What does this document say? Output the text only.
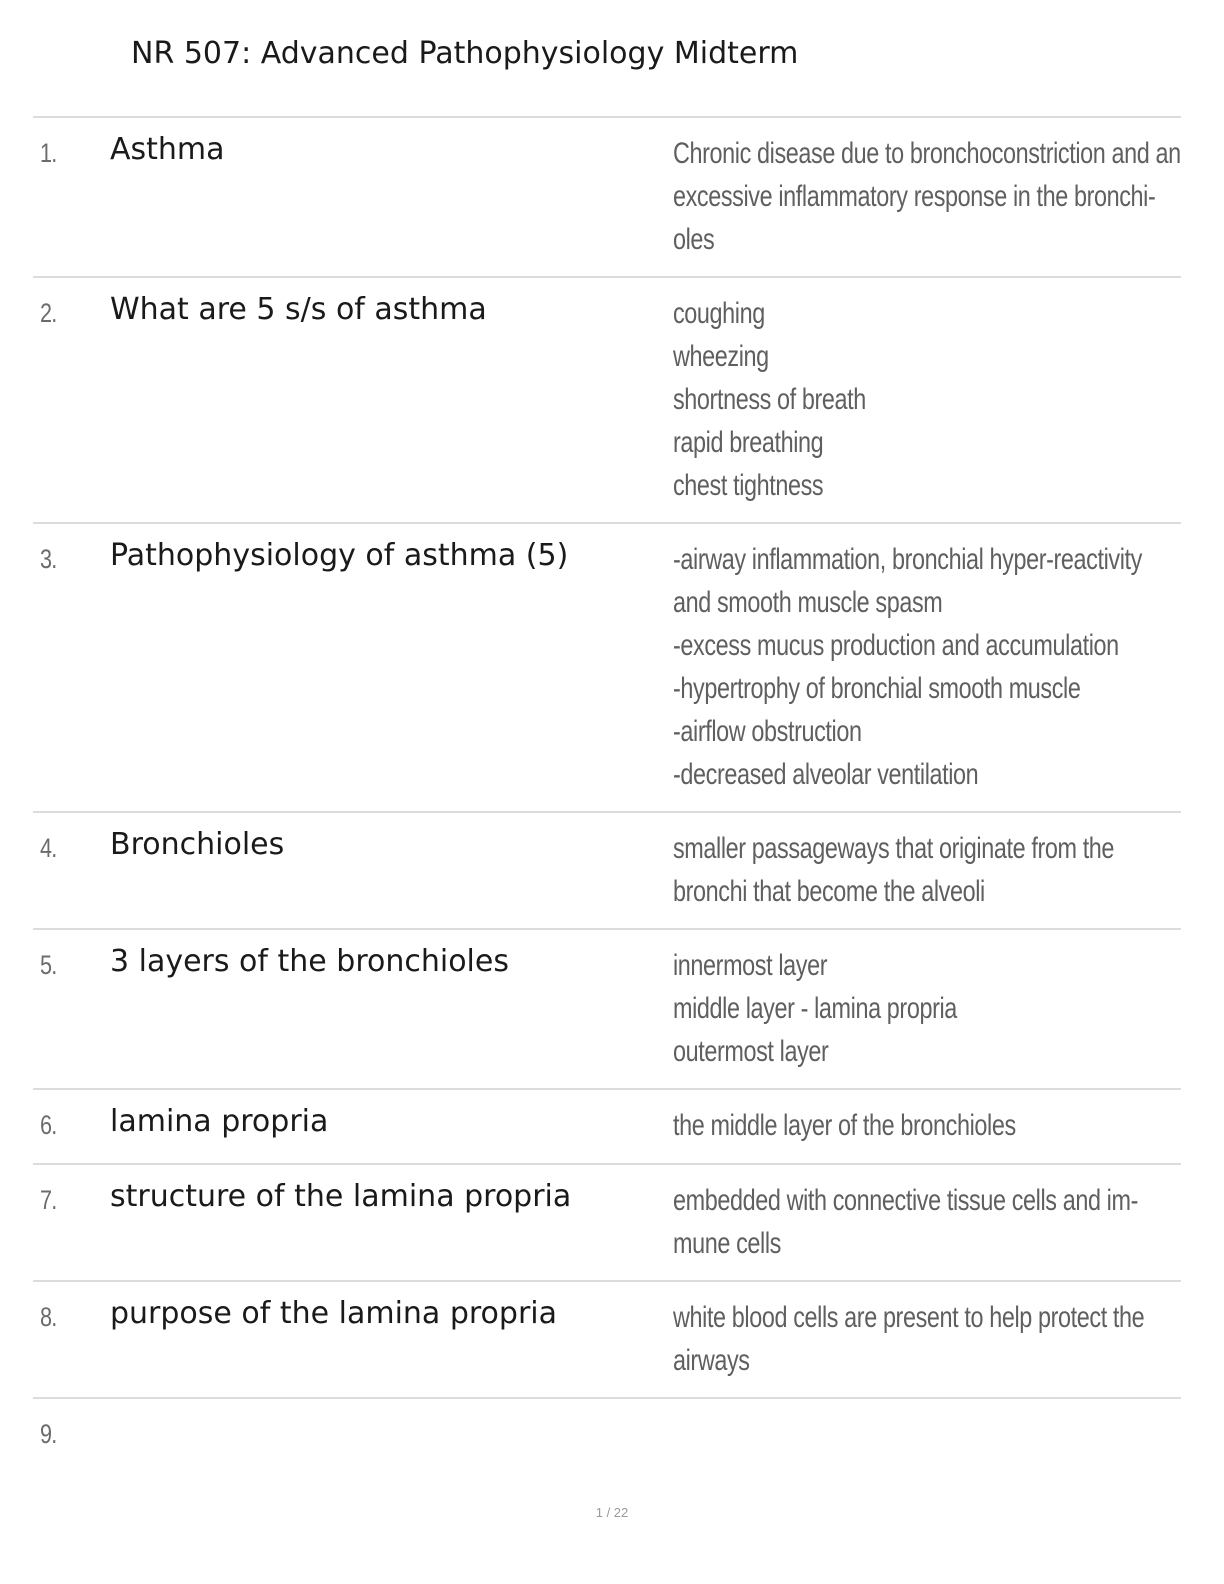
NR 507: Advanced Pathophysiology Midterm
1. Asthma	Chronic disease due to bronchoconstriction and an
excessive inflammatory response in the bronchi-
oles
2. What are 5 s/s of asthma	coughing
wheezing
shortness of breath
rapid breathing
chest tightness
3. Pathophysiology of asthma (5)	-airway inflammation, bronchial hyper-reactivity
and smooth muscle spasm
-excess mucus production and accumulation
-hypertrophy of bronchial smooth muscle
-airflow obstruction
-decreased alveolar ventilation
4. Bronchioles	smaller passageways that originate from the
bronchi that become the alveoli
5. 3 layers of the bronchioles	innermost layer
middle layer - lamina propria
outermost layer
6. lamina propria	the middle layer of the bronchioles
7. structure of the lamina propria	embedded with connective tissue cells and im-
mune cells
8. purpose of the lamina propria	white blood cells are present to help protect the
airways
9.
1 / 22
